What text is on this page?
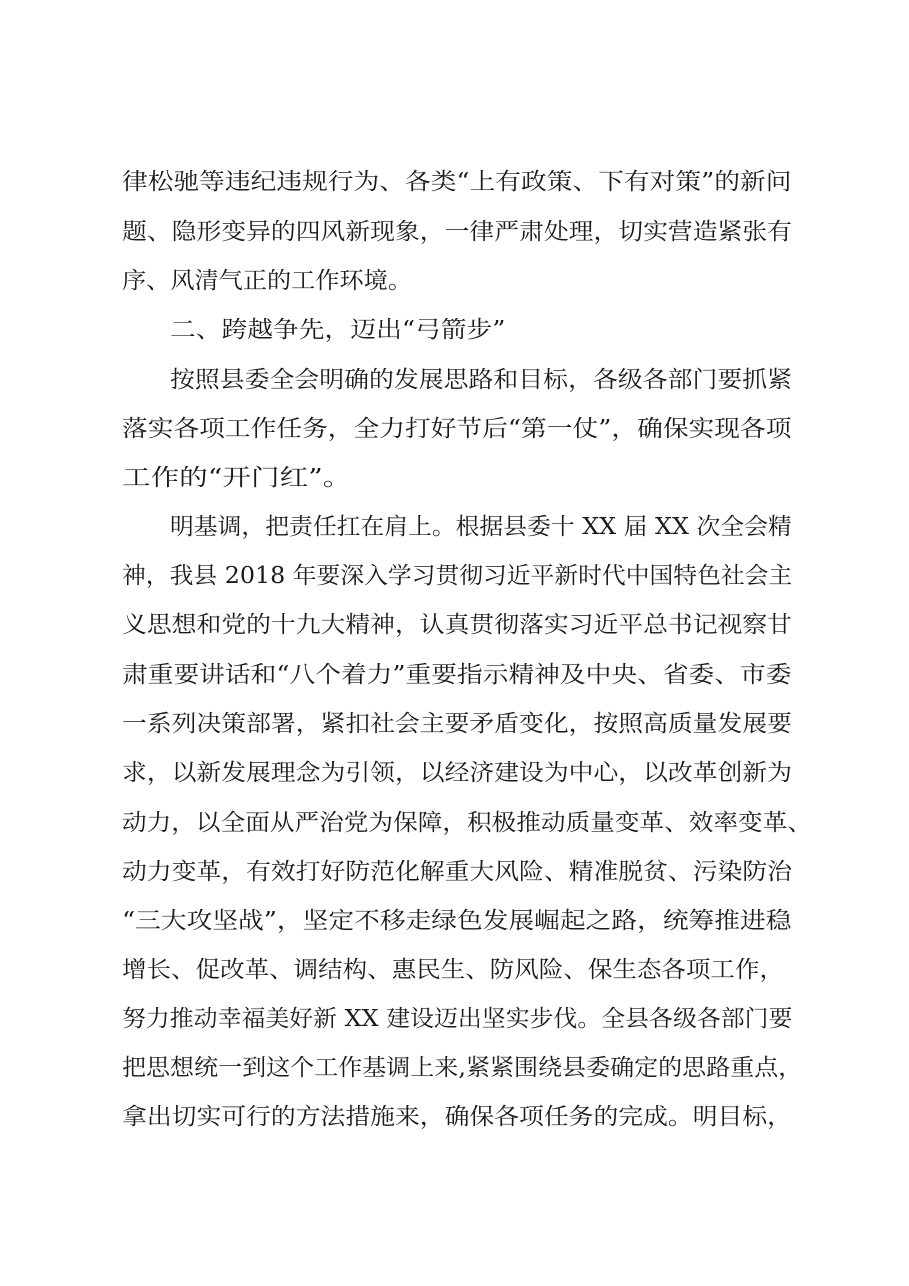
律松驰等违纪违规行为、各类“上有政策、下有对策”的新问
题、隐形变异的四风新现象，一律严肃处理，切实营造紧张有
序、风清气正的工作环境。
二、跨越争先，迈出“弓箭步”
按照县委全会明确的发展思路和目标，各级各部门要抓紧
落实各项工作任务，全力打好节后“第一仗”，确保实现各项
工作的“开门红”。
明基调，把责任扛在肩上。根据县委十 XX 届 XX 次全会精
神，我县 2018 年要深入学习贯彻习近平新时代中国特色社会主
义思想和党的十九大精神，认真贯彻落实习近平总书记视察甘
肃重要讲话和“八个着力”重要指示精神及中央、省委、市委
一系列决策部署，紧扣社会主要矛盾变化，按照高质量发展要
求，以新发展理念为引领，以经济建设为中心，以改革创新为
动力，以全面从严治党为保障，积极推动质量变革、效率变革、
动力变革，有效打好防范化解重大风险、精准脱贫、污染防治
“三大攻坚战”，坚定不移走绿色发展崛起之路，统筹推进稳
增长、促改革、调结构、惠民生、防风险、保生态各项工作，
努力推动幸福美好新 XX 建设迈出坚实步伐。全县各级各部门要
把思想统一到这个工作基调上来,紧紧围绕县委确定的思路重点，
拿出切实可行的方法措施来，确保各项任务的完成。明目标，
